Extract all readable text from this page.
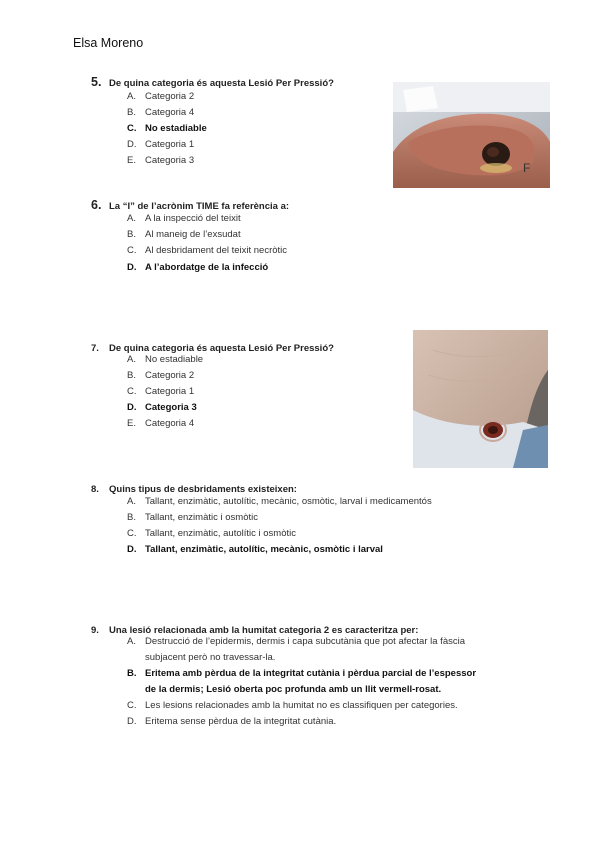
Elsa Moreno
5. De quina categoria és aquesta Lesió Per Pressió?
A. Categoria 2
B. Categoria 4
C. No estadiable
D. Categoria 1
E. Categoria 3
F
6. La “I” de l’acrònim TIME fa referència a:
A. A la inspecció del teixit
B. Al maneig de l’exsudat
C. Al desbridament del teixit necròtic
D. A l’abordatge de la infecció
7. De quina categoria és aquesta Lesió Per Pressió?
A. No estadiable
B. Categoria 2
C. Categoria 1
D. Categoria 3
E. Categoria 4
8. Quins tipus de desbridaments existeixen:
A. Tallant, enzimàtic, autolític, mecànic, osmòtic, larval i medicamentós
B. Tallant, enzimàtic i osmòtic
C. Tallant, enzimàtic, autolític i osmòtic
D. Tallant, enzimàtic, autolític, mecànic, osmòtic i larval
9. Una lesió relacionada amb la humitat categoria 2 es caracteritza per:
A. Destrucció de l’epidermis, dermis i capa subcutània que pot afectar la fàscia
subjacent però no travessar-la.
B. Eritema amb pèrdua de la integritat cutània i pèrdua parcial de l’espessor
de la dermis; Lesió oberta poc profunda amb un llit vermell-rosat.
C. Les lesions relacionades amb la humitat no es classifiquen per categories.
D. Eritema sense pèrdua de la integritat cutània.
